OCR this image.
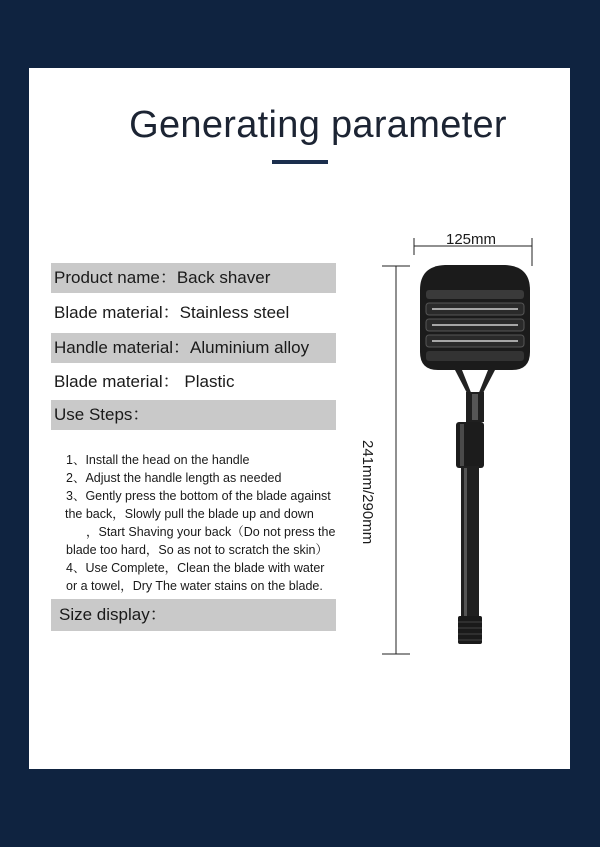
Generating parameter
Product name：Back shaver
Blade material：Stainless steel
Handle material：Aluminium alloy
Blade material： Plastic
Use Steps：
1、Install the head on the handle
2、Adjust the handle length as needed
3、Gently press the bottom of the blade against
the back，Slowly pull the blade up and down
，Start Shaving your back（Do not press the
blade too hard，So as not to scratch the skin）
4、Use Complete，Clean the blade with water
or a towel，Dry The water stains on the blade.
Size display：
125mm
241mm/290mm
